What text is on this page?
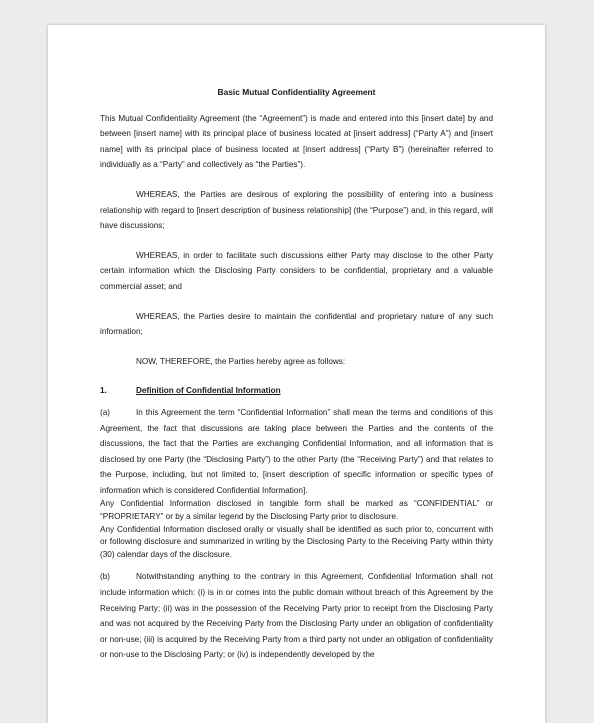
Basic Mutual Confidentiality Agreement

This Mutual Confidentiality Agreement (the “Agreement”) is made and entered into this [insert date] by and between [insert name] with its principal place of business located at [insert address] (“Party A”) and [insert name] with its principal place of business located at [insert address] (“Party B”) (hereinafter referred to individually as a “Party” and collectively as “the Parties”).

WHEREAS, the Parties are desirous of exploring the possibility of entering into a business relationship with regard to [insert description of business relationship] (the “Purpose”) and, in this regard, will have discussions;

WHEREAS, in order to facilitate such discussions either Party may disclose to the other Party certain information which the Disclosing Party considers to be confidential, proprietary and a valuable commercial asset; and

WHEREAS, the Parties desire to maintain the confidential and proprietary nature of any such information;

NOW, THEREFORE, the Parties hereby agree as follows:

1.	Definition of Confidential Information

(a)	In this Agreement the term “Confidential Information” shall mean the terms and conditions of this Agreement, the fact that discussions are taking place between the Parties and the contents of the discussions, the fact that the Parties are exchanging Confidential Information, and all information that is disclosed by one Party (the “Disclosing Party”) to the other Party (the “Receiving Party”) and that relates to the Purpose, including, but not limited to, [insert description of specific information or specific types of information which is considered Confidential Information].

Any Confidential Information disclosed in tangible form shall be marked as “CONFIDENTIAL” or “PROPRIETARY” or by a similar legend by the Disclosing Party prior to disclosure.

Any Confidential Information disclosed orally or visually shall be identified as such prior to, concurrent with or following disclosure and summarized in writing by the Disclosing Party to the Receiving Party within thirty (30) calendar days of the disclosure.

(b)	Notwithstanding anything to the contrary in this Agreement, Confidential Information shall not include information which: (i) is in or comes into the public domain without breach of this Agreement by the Receiving Party; (ii) was in the possession of the Receiving Party prior to receipt from the Disclosing Party and was not acquired by the Receiving Party from the Disclosing Party under an obligation of confidentiality or non-use; (iii) is acquired by the Receiving Party from a third party not under an obligation of confidentiality or non-use to the Disclosing Party; or (iv) is independently developed by the
